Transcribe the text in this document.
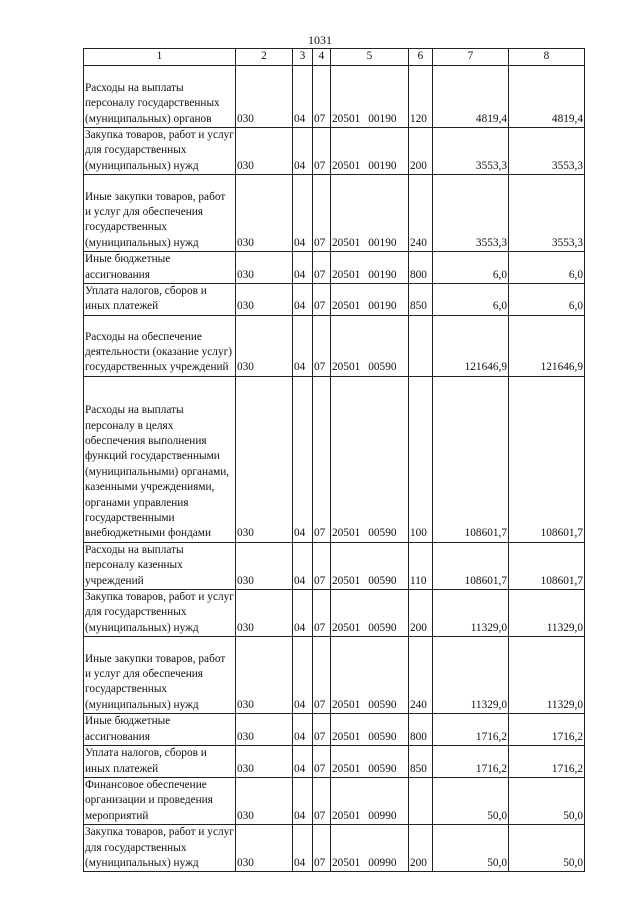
1031
1	2	3	4	5	6	7	8
Расходы на выплаты персоналу государственных (муниципальных) органов	030	04	07	20501 00190	120	4819,4	4819,4
Закупка товаров, работ и услуг для государственных (муниципальных) нужд	030	04	07	20501 00190	200	3553,3	3553,3
Иные закупки товаров, работ и услуг для обеспечения государственных (муниципальных) нужд	030	04	07	20501 00190	240	3553,3	3553,3
Иные бюджетные ассигнования	030	04	07	20501 00190	800	6,0	6,0
Уплата налогов, сборов и иных платежей	030	04	07	20501 00190	850	6,0	6,0
Расходы на обеспечение деятельности (оказание услуг) государственных учреждений	030	04	07	20501 00590		121646,9	121646,9
Расходы на выплаты персоналу в целях обеспечения выполнения функций государственными (муниципальными) органами, казенными учреждениями, органами управления государственными внебюджетными фондами	030	04	07	20501 00590	100	108601,7	108601,7
Расходы на выплаты персоналу казенных учреждений	030	04	07	20501 00590	110	108601,7	108601,7
Закупка товаров, работ и услуг для государственных (муниципальных) нужд	030	04	07	20501 00590	200	11329,0	11329,0
Иные закупки товаров, работ и услуг для обеспечения государственных (муниципальных) нужд	030	04	07	20501 00590	240	11329,0	11329,0
Иные бюджетные ассигнования	030	04	07	20501 00590	800	1716,2	1716,2
Уплата налогов, сборов и иных платежей	030	04	07	20501 00590	850	1716,2	1716,2
Финансовое обеспечение организации и проведения мероприятий	030	04	07	20501 00990		50,0	50,0
Закупка товаров, работ и услуг для государственных (муниципальных) нужд	030	04	07	20501 00990	200	50,0	50,0
